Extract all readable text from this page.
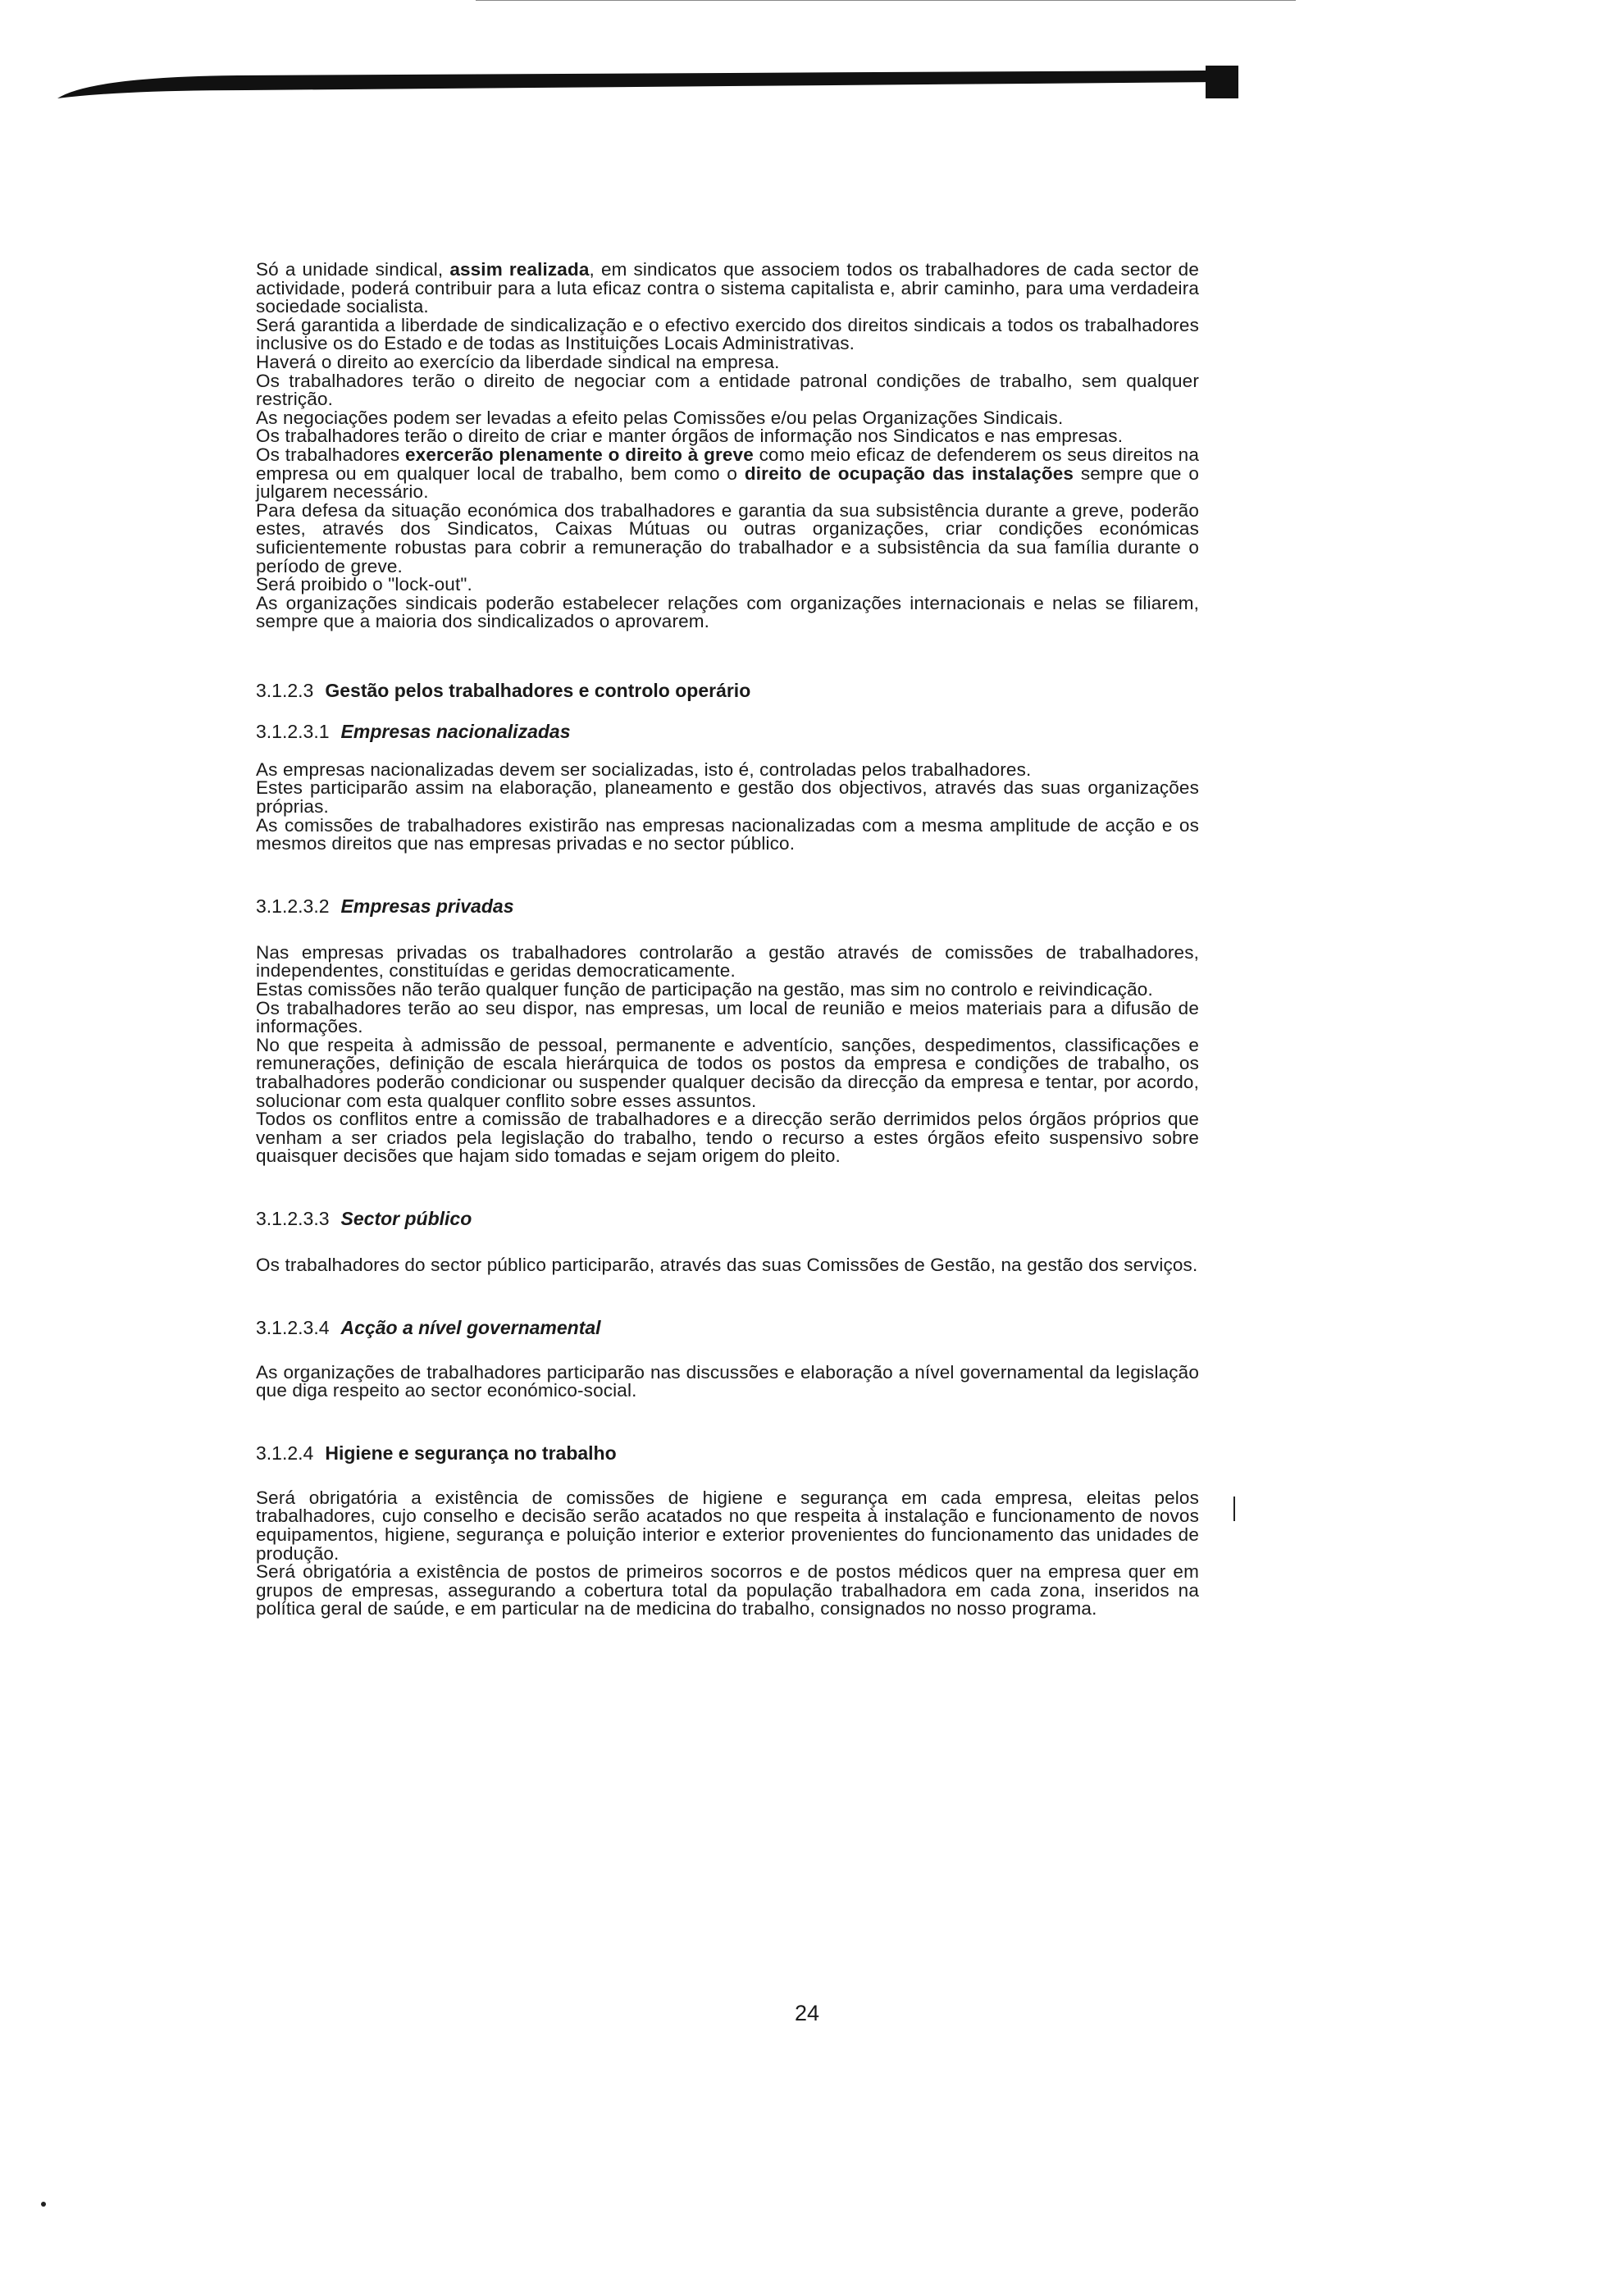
Só a unidade sindical, assim realizada, em sindicatos que associem todos os trabalhadores de cada sector de actividade, poderá contribuir para a luta eficaz contra o sistema capitalista e, abrir caminho, para uma verdadeira sociedade socialista.

Será garantida a liberdade de sindicalização e o efectivo exercido dos direitos sindicais a todos os trabalhadores inclusive os do Estado e de todas as Instituições Locais Administrativas.

Haverá o direito ao exercício da liberdade sindical na empresa.

Os trabalhadores terão o direito de negociar com a entidade patronal condições de trabalho, sem qualquer restrição.

As negociações podem ser levadas a efeito pelas Comissões e/ou pelas Organizações Sindicais.

Os trabalhadores terão o direito de criar e manter órgãos de informação nos Sindicatos e nas empresas.

Os trabalhadores exercerão plenamente o direito à greve como meio eficaz de defenderem os seus direitos na empresa ou em qualquer local de trabalho, bem como o direito de ocupação das instalações sempre que o julgarem necessário.

Para defesa da situação económica dos trabalhadores e garantia da sua subsistência durante a greve, poderão estes, através dos Sindicatos, Caixas Mútuas ou outras organizações, criar condições económicas suficientemente robustas para cobrir a remuneração do trabalhador e a subsistência da sua família durante o período de greve.

Será proibido o "lock-out".

As organizações sindicais poderão estabelecer relações com organizações internacionais e nelas se filiarem, sempre que a maioria dos sindicalizados o aprovarem.

3.1.2.3 Gestão pelos trabalhadores e controlo operário

3.1.2.3.1 Empresas nacionalizadas

As empresas nacionalizadas devem ser socializadas, isto é, controladas pelos trabalhadores.

Estes participarão assim na elaboração, planeamento e gestão dos objectivos, através das suas organizações próprias.

As comissões de trabalhadores existirão nas empresas nacionalizadas com a mesma amplitude de acção e os mesmos direitos que nas empresas privadas e no sector público.

3.1.2.3.2 Empresas privadas

Nas empresas privadas os trabalhadores controlarão a gestão através de comissões de trabalhadores, independentes, constituídas e geridas democraticamente.

Estas comissões não terão qualquer função de participação na gestão, mas sim no controlo e reivindicação.

Os trabalhadores terão ao seu dispor, nas empresas, um local de reunião e meios materiais para a difusão de informações.

No que respeita à admissão de pessoal, permanente e adventício, sanções, despedimentos, classificações e remunerações, definição de escala hierárquica de todos os postos da empresa e condições de trabalho, os trabalhadores poderão condicionar ou suspender qualquer decisão da direcção da empresa e tentar, por acordo, solucionar com esta qualquer conflito sobre esses assuntos.

Todos os conflitos entre a comissão de trabalhadores e a direcção serão derrimidos pelos órgãos próprios que venham a ser criados pela legislação do trabalho, tendo o recurso a estes órgãos efeito suspensivo sobre quaisquer decisões que hajam sido tomadas e sejam origem do pleito.

3.1.2.3.3 Sector público

Os trabalhadores do sector público participarão, através das suas Comissões de Gestão, na gestão dos serviços.

3.1.2.3.4 Acção a nível governamental

As organizações de trabalhadores participarão nas discussões e elaboração a nível governamental da legislação que diga respeito ao sector económico-social.

3.1.2.4 Higiene e segurança no trabalho

Será obrigatória a existência de comissões de higiene e segurança em cada empresa, eleitas pelos trabalhadores, cujo conselho e decisão serão acatados no que respeita à instalação e funcionamento de novos equipamentos, higiene, segurança e poluição interior e exterior provenientes do funcionamento das unidades de produção.

Será obrigatória a existência de postos de primeiros socorros e de postos médicos quer na empresa quer em grupos de empresas, assegurando a cobertura total da população trabalhadora em cada zona, inseridos na política geral de saúde, e em particular na de medicina do trabalho, consignados no nosso programa.

24
